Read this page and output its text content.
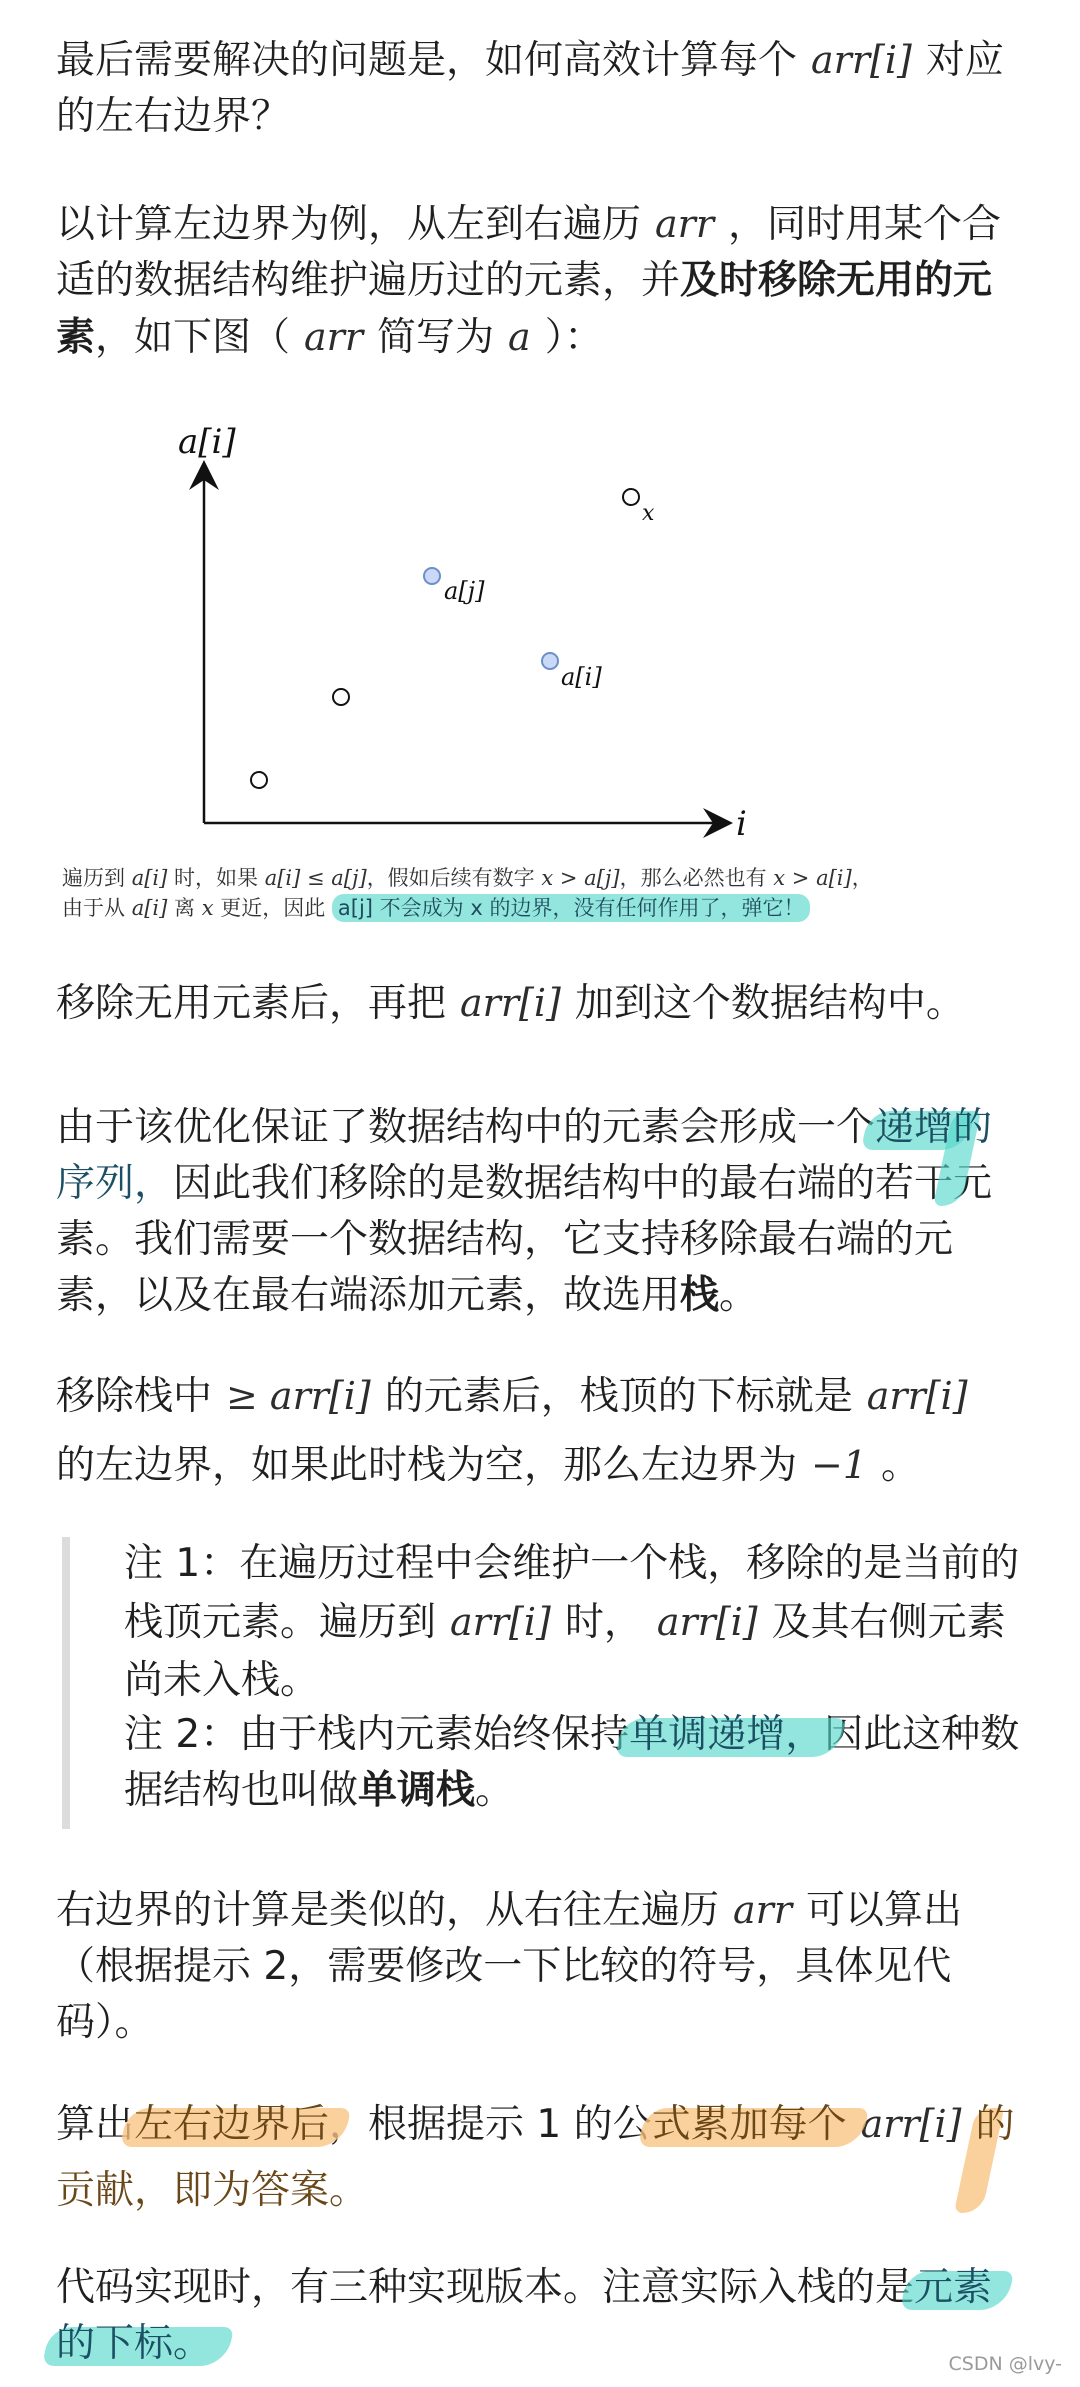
最后需要解决的问题是，如何高效计算每个 arr[i] 对应的左右边界？

以计算左边界为例，从左到右遍历 arr ，同时用某个合适的数据结构维护遍历过的元素，并及时移除无用的元素，如下图（ arr 简写为 a ）：

a[i]
i
a[j]
a[i]
x
遍历到 a[i] 时，如果 a[i] ≤ a[j]，假如后续有数字 x > a[j]，那么必然也有 x > a[i]，
由于从 a[i] 离 x 更近，因此 a[j] 不会成为 x 的边界，没有任何作用了，弹它！

移除无用元素后，再把 arr[i] 加到这个数据结构中。

由于该优化保证了数据结构中的元素会形成一个递增的序列，因此我们移除的是数据结构中的最右端的若干元素。我们需要一个数据结构，它支持移除最右端的元素，以及在最右端添加元素，故选用栈。

移除栈中 ≥ arr[i] 的元素后，栈顶的下标就是 arr[i]的左边界，如果此时栈为空，那么左边界为 −1 。

注 1：在遍历过程中会维护一个栈，移除的是当前的栈顶元素。遍历到 arr[i] 时， arr[i] 及其右侧元素尚未入栈。

注 2：由于栈内元素始终保持单调递增，因此这种数据结构也叫做单调栈。

右边界的计算是类似的，从右往左遍历 arr 可以算出（根据提示 2，需要修改一下比较的符号，具体见代码）。

算出左右边界后，根据提示 1 的公式累加每个 arr[i] 的贡献，即为答案。

代码实现时，有三种实现版本。注意实际入栈的是元素的下标。	CSDN @lvy-
